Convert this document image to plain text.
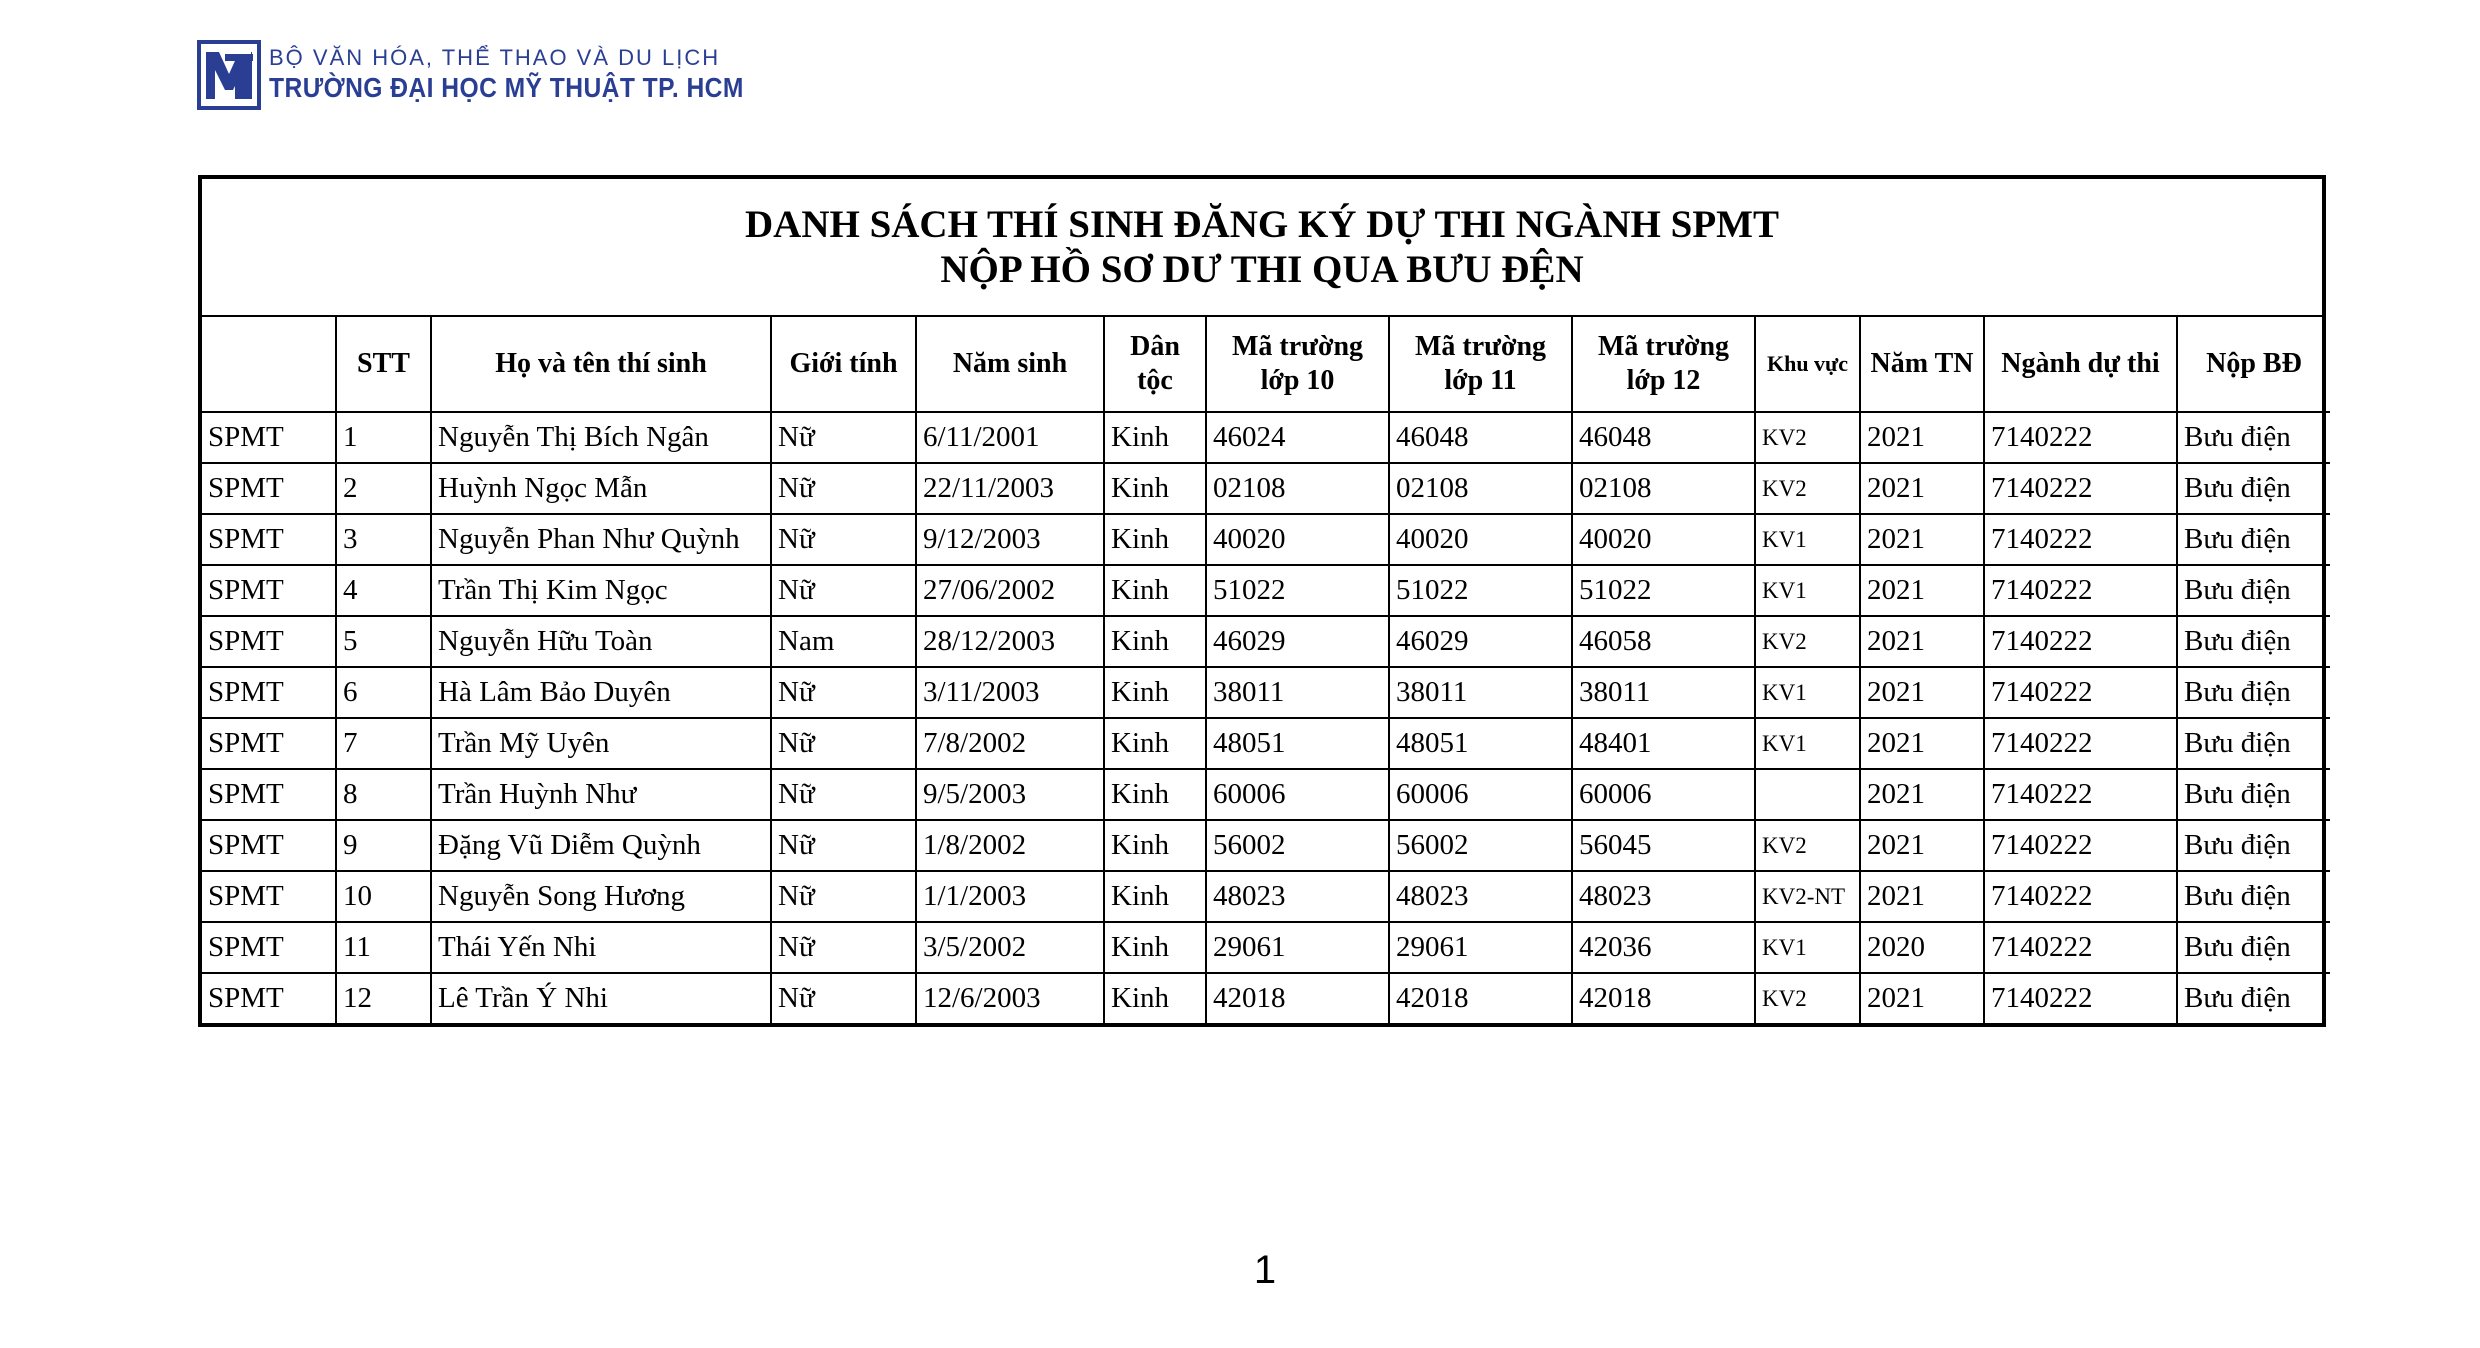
BỘ VĂN HÓA, THỂ THAO VÀ DU LỊCH
TRƯỜNG ĐẠI HỌC MỸ THUẬT TP. HCM
DANH SÁCH THÍ SINH ĐĂNG KÝ DỰ THI NGÀNH SPMT
NỘP HỒ SƠ DƯ THI QUA BƯU ĐỆN
	STT	Họ và tên thí sinh	Giới tính	Năm sinh	Dân tộc	Mã trường lớp 10	Mã trường lớp 11	Mã trường lớp 12	Khu vực	Năm TN	Ngành dự thi	Nộp BĐ
SPMT	1	Nguyễn Thị Bích Ngân	Nữ	6/11/2001	Kinh	46024	46048	46048	KV2	2021	7140222	Bưu điện
SPMT	2	Huỳnh Ngọc Mẫn	Nữ	22/11/2003	Kinh	02108	02108	02108	KV2	2021	7140222	Bưu điện
SPMT	3	Nguyễn Phan Như Quỳnh	Nữ	9/12/2003	Kinh	40020	40020	40020	KV1	2021	7140222	Bưu điện
SPMT	4	Trần Thị Kim Ngọc	Nữ	27/06/2002	Kinh	51022	51022	51022	KV1	2021	7140222	Bưu điện
SPMT	5	Nguyễn Hữu Toàn	Nam	28/12/2003	Kinh	46029	46029	46058	KV2	2021	7140222	Bưu điện
SPMT	6	Hà Lâm Bảo Duyên	Nữ	3/11/2003	Kinh	38011	38011	38011	KV1	2021	7140222	Bưu điện
SPMT	7	Trần Mỹ Uyên	Nữ	7/8/2002	Kinh	48051	48051	48401	KV1	2021	7140222	Bưu điện
SPMT	8	Trần Huỳnh Như	Nữ	9/5/2003	Kinh	60006	60006	60006		2021	7140222	Bưu điện
SPMT	9	Đặng Vũ Diễm Quỳnh	Nữ	1/8/2002	Kinh	56002	56002	56045	KV2	2021	7140222	Bưu điện
SPMT	10	Nguyễn Song Hương	Nữ	1/1/2003	Kinh	48023	48023	48023	KV2-NT	2021	7140222	Bưu điện
SPMT	11	Thái Yến Nhi	Nữ	3/5/2002	Kinh	29061	29061	42036	KV1	2020	7140222	Bưu điện
SPMT	12	Lê Trần Ý Nhi	Nữ	12/6/2003	Kinh	42018	42018	42018	KV2	2021	7140222	Bưu điện
1
